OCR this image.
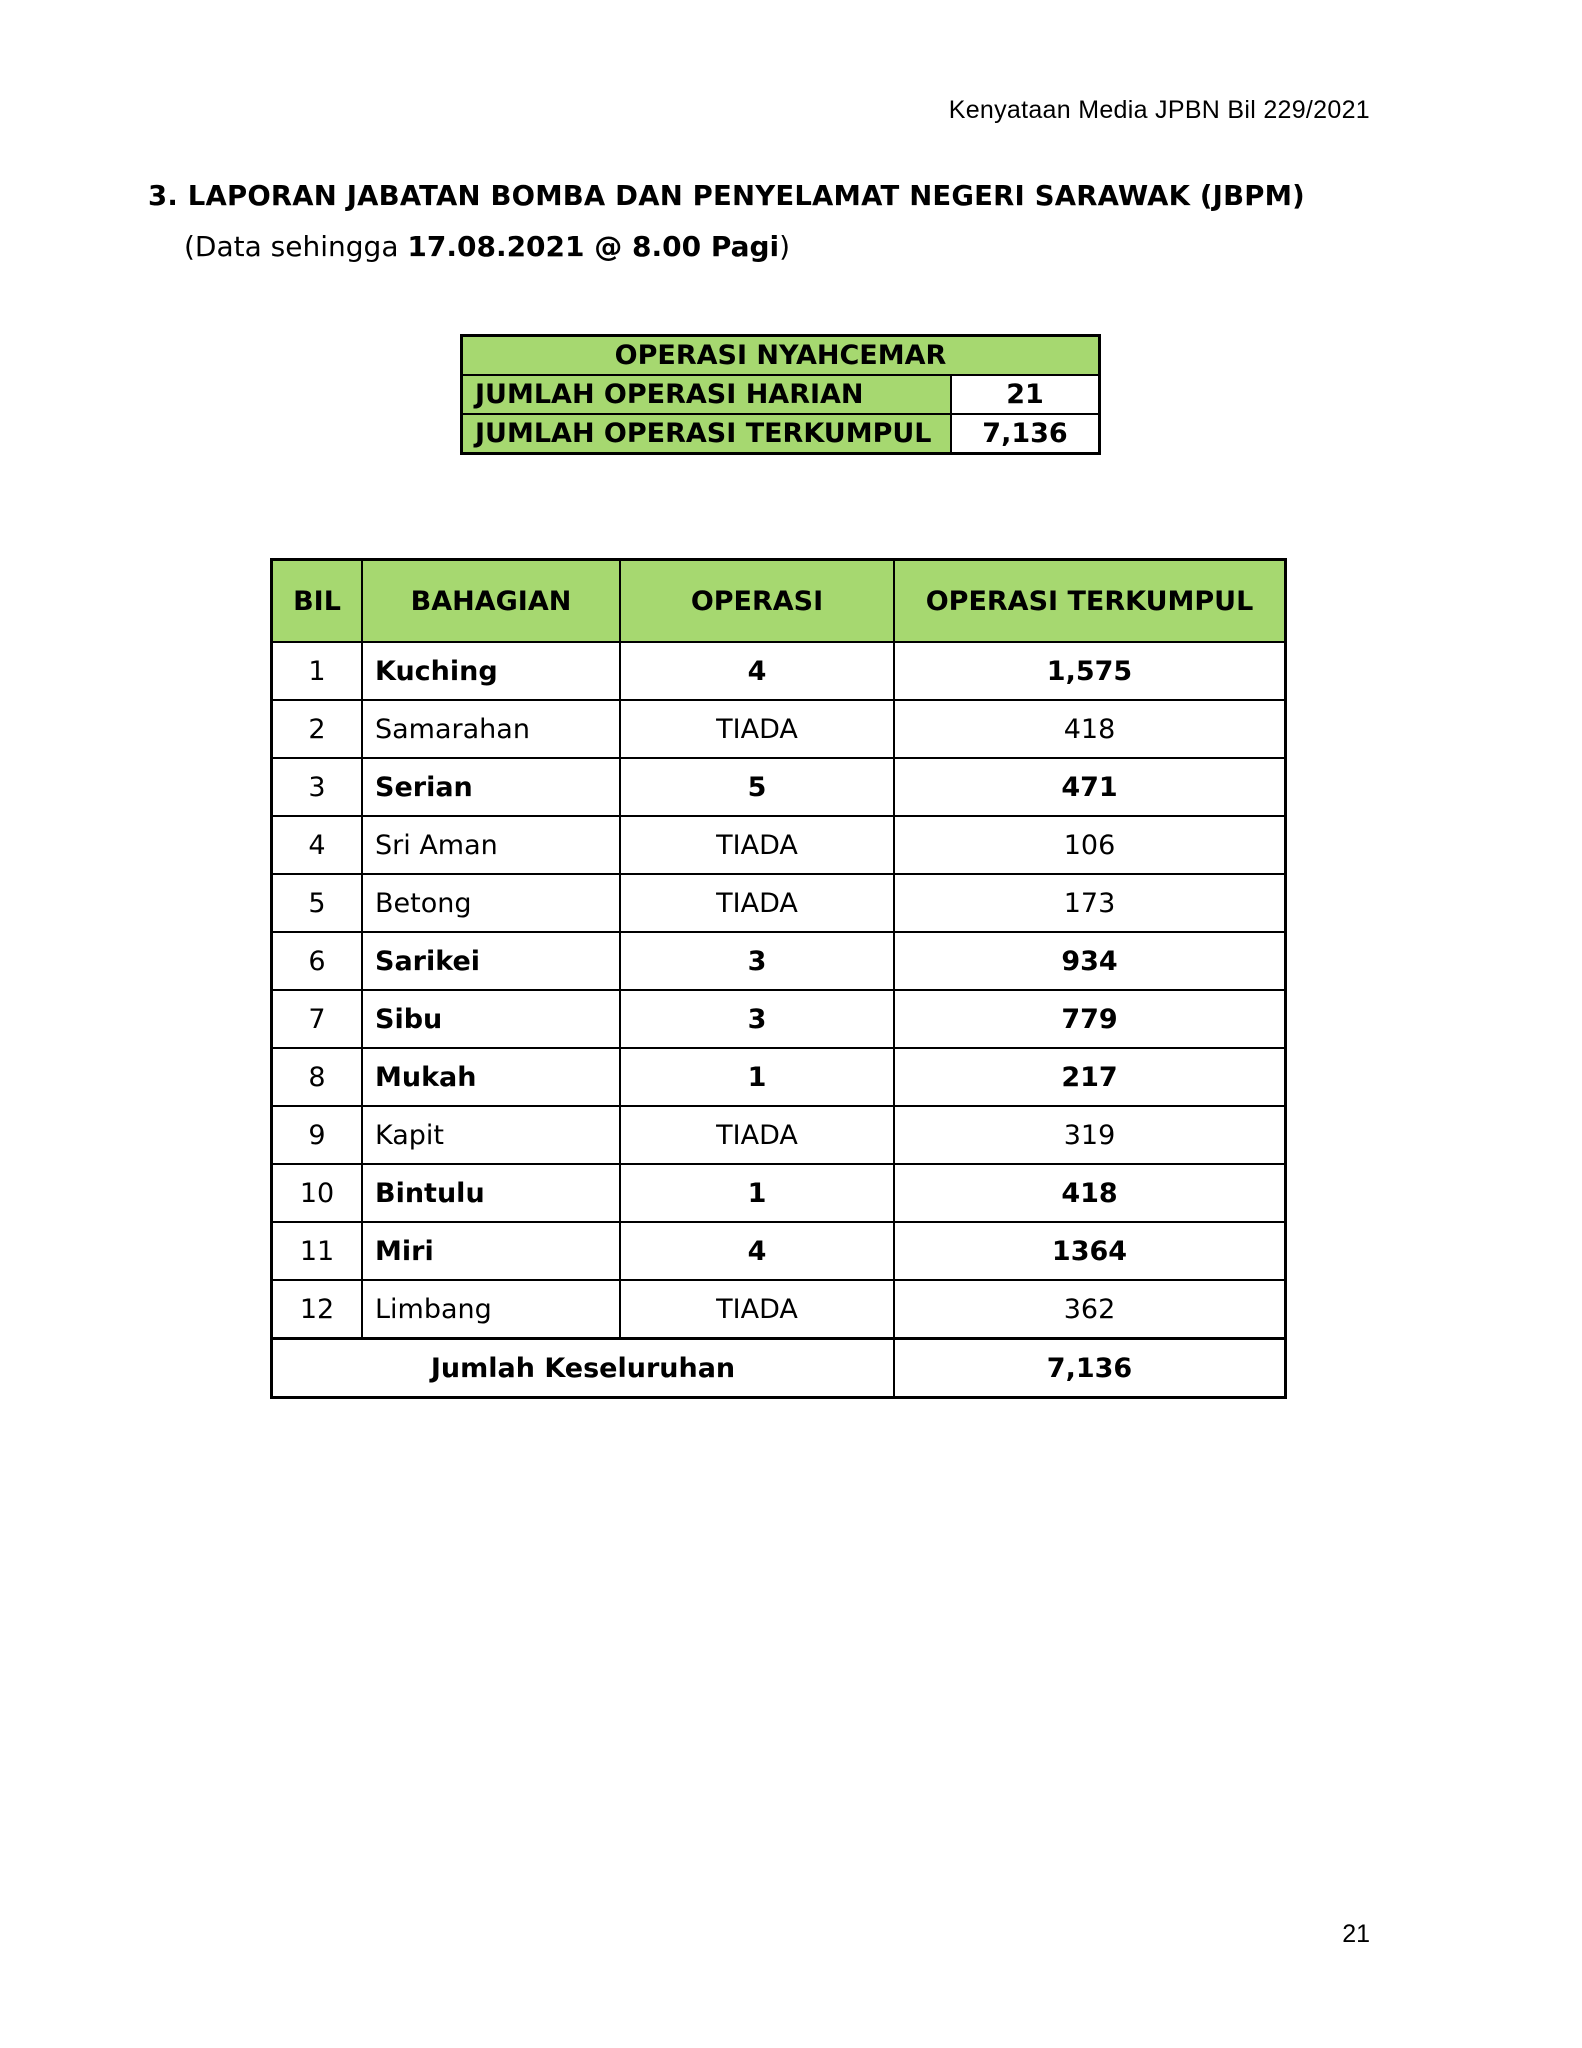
Kenyataan Media JPBN Bil 229/2021
3. LAPORAN JABATAN BOMBA DAN PENYELAMAT NEGERI SARAWAK (JBPM)
(Data sehingga 17.08.2021 @ 8.00 Pagi)
OPERASI NYAHCEMAR	
JUMLAH OPERASI HARIAN	21
JUMLAH OPERASI TERKUMPUL	7,136
BIL	BAHAGIAN	OPERASI	OPERASI TERKUMPUL
1	Kuching	4	1,575
2	Samarahan	TIADA	418
3	Serian	5	471
4	Sri Aman	TIADA	106
5	Betong	TIADA	173
6	Sarikei	3	934
7	Sibu	3	779
8	Mukah	1	217
9	Kapit	TIADA	319
10	Bintulu	1	418
11	Miri	4	1364
12	Limbang	TIADA	362
Jumlah Keseluruhan			7,136
21
